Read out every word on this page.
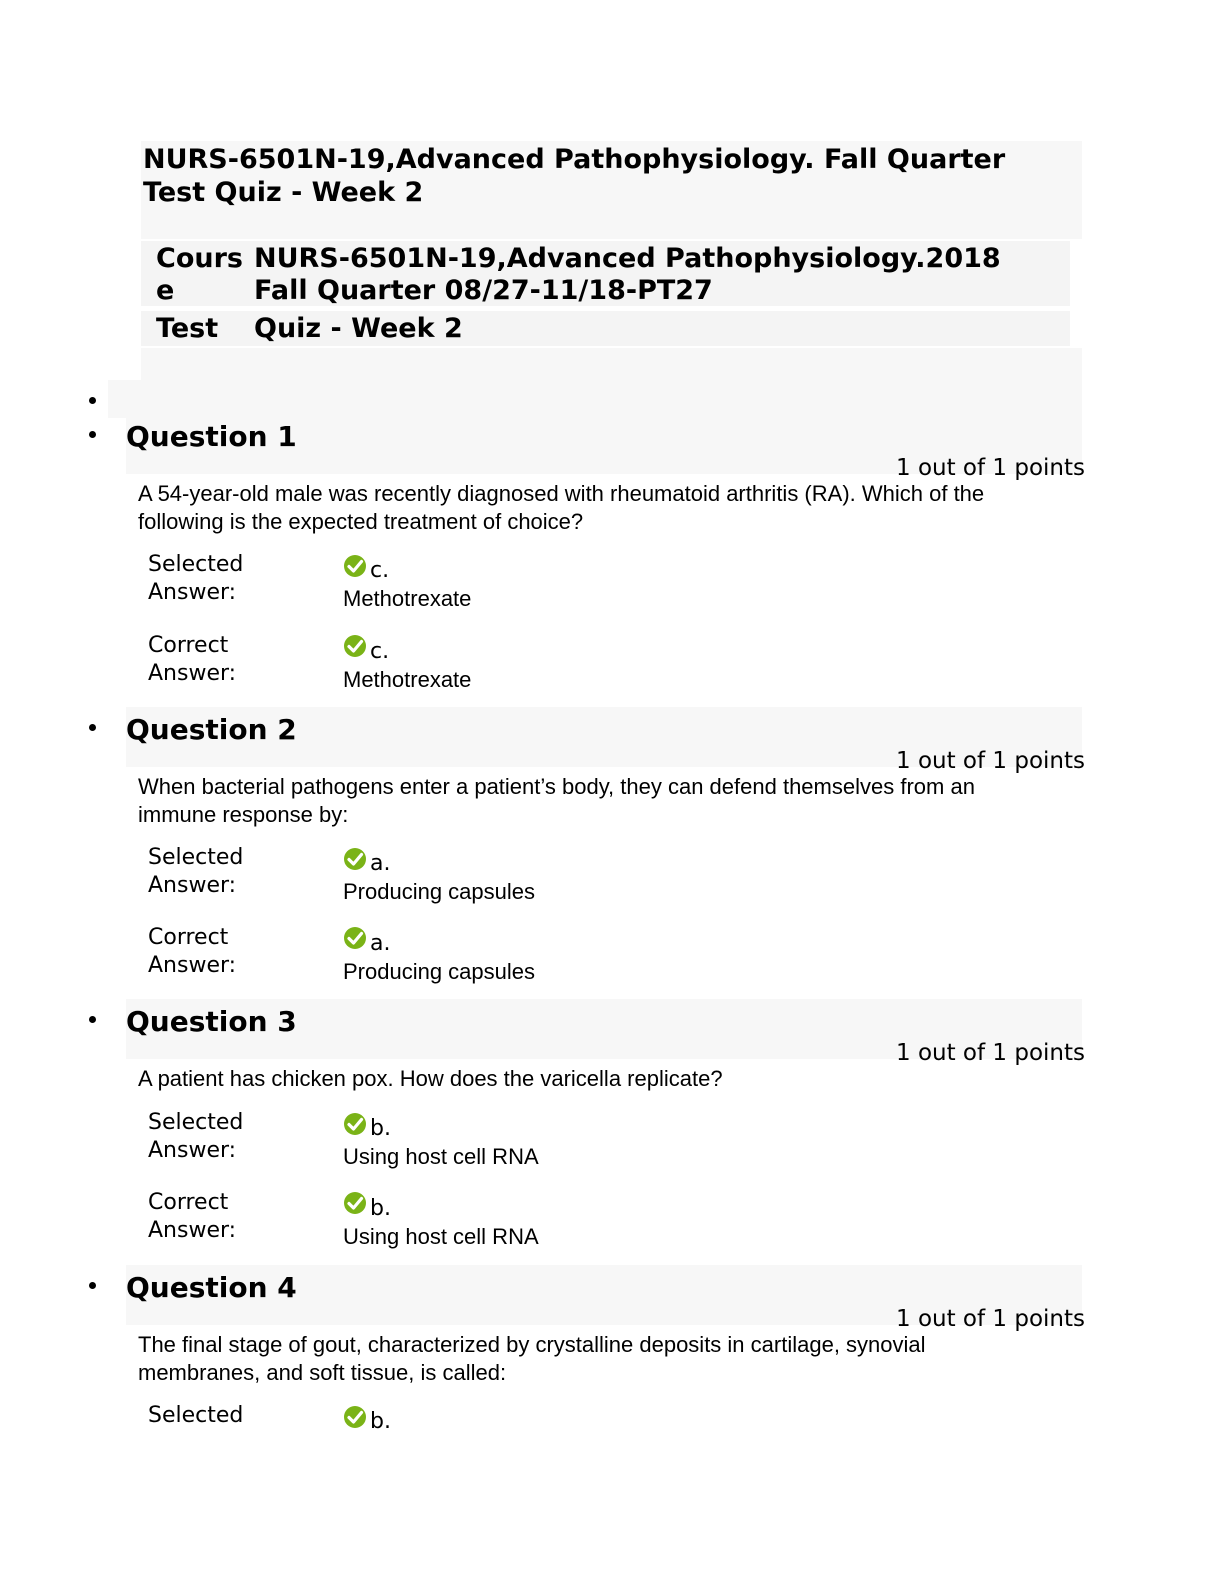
NURS-6501N-19,Advanced Pathophysiology. Fall Quarter
Test Quiz - Week 2
Course
NURS-6501N-19,Advanced Pathophysiology.2018
Fall Quarter 08/27-11/18-PT27
Test	Quiz - Week 2
Question 1
1 out of 1 points
A 54-year-old male was recently diagnosed with rheumatoid arthritis (RA). Which of the following is the expected treatment of choice?
Selected
Answer:
c.
Methotrexate
Correct
Answer:
c.
Methotrexate
Question 2
1 out of 1 points
When bacterial pathogens enter a patient’s body, they can defend themselves from an immune response by:
Selected
Answer:
a.
Producing capsules
Correct
Answer:
a.
Producing capsules
Question 3
1 out of 1 points
A patient has chicken pox. How does the varicella replicate?
Selected
Answer:
b.
Using host cell RNA
Correct
Answer:
b.
Using host cell RNA
Question 4
1 out of 1 points
The final stage of gout, characterized by crystalline deposits in cartilage, synovial membranes, and soft tissue, is called:
Selected	b.
